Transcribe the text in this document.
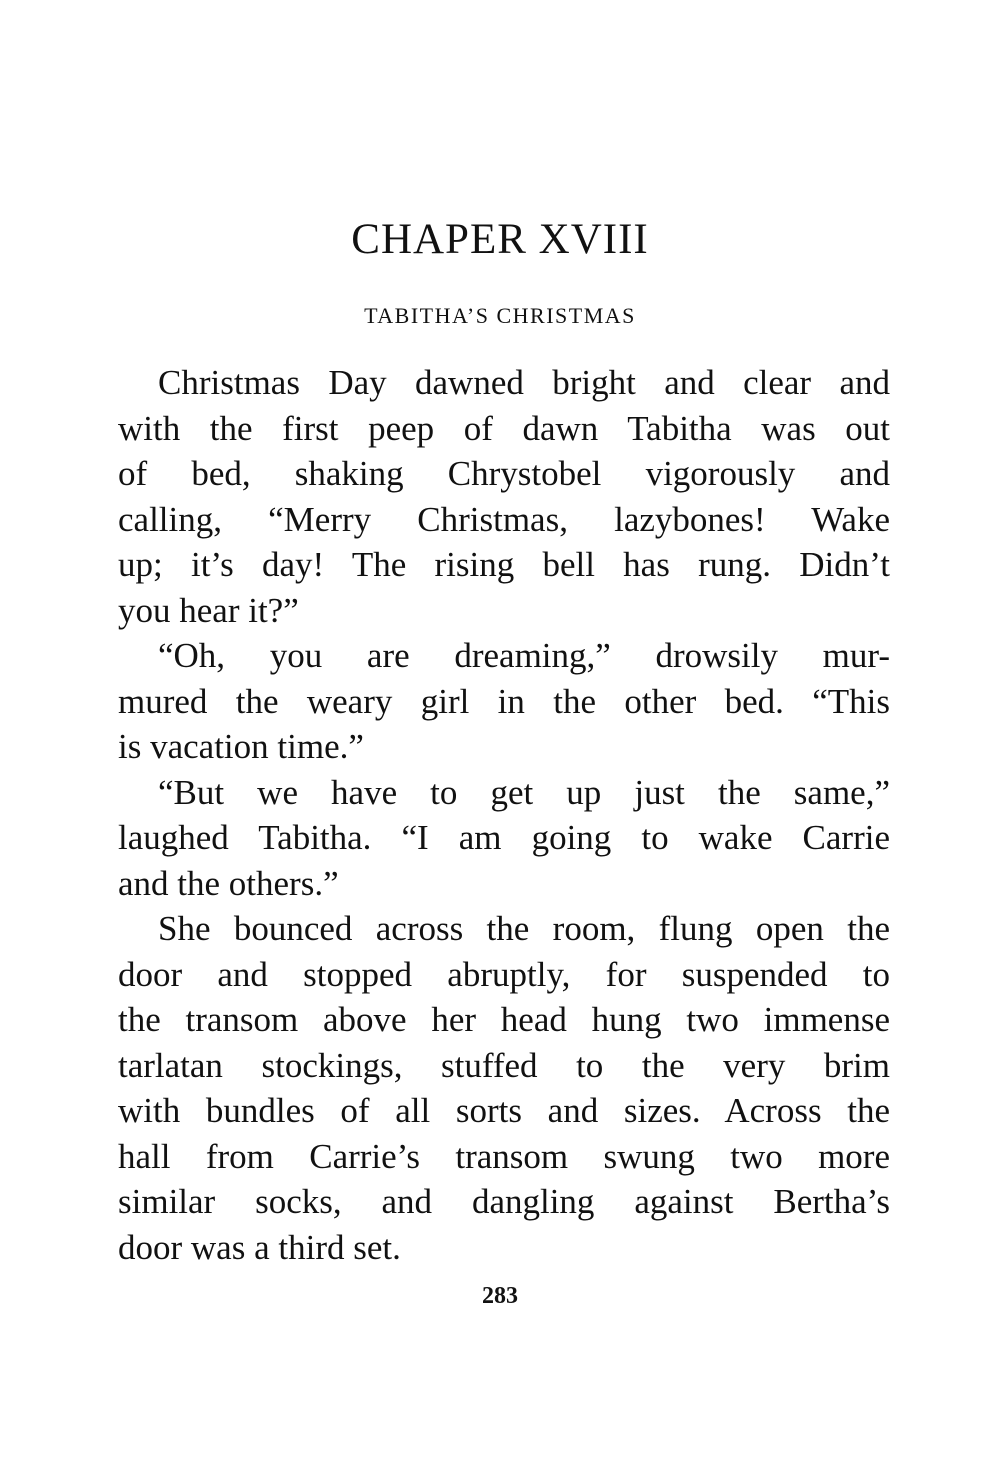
CHAPER XVIII
TABITHA’S CHRISTMAS
Christmas Day dawned bright and clear and
with the first peep of dawn Tabitha was out
of bed, shaking Chrystobel vigorously and
calling, “Merry Christmas, lazybones! Wake
up; it’s day! The rising bell has rung. Didn’t
you hear it?”
“Oh, you are dreaming,” drowsily mur-
mured the weary girl in the other bed. “This
is vacation time.”
“But we have to get up just the same,”
laughed Tabitha. “I am going to wake Carrie
and the others.”
She bounced across the room, flung open the
door and stopped abruptly, for suspended to
the transom above her head hung two immense
tarlatan stockings, stuffed to the very brim
with bundles of all sorts and sizes. Across the
hall from Carrie’s transom swung two more
similar socks, and dangling against Bertha’s
door was a third set.

283
